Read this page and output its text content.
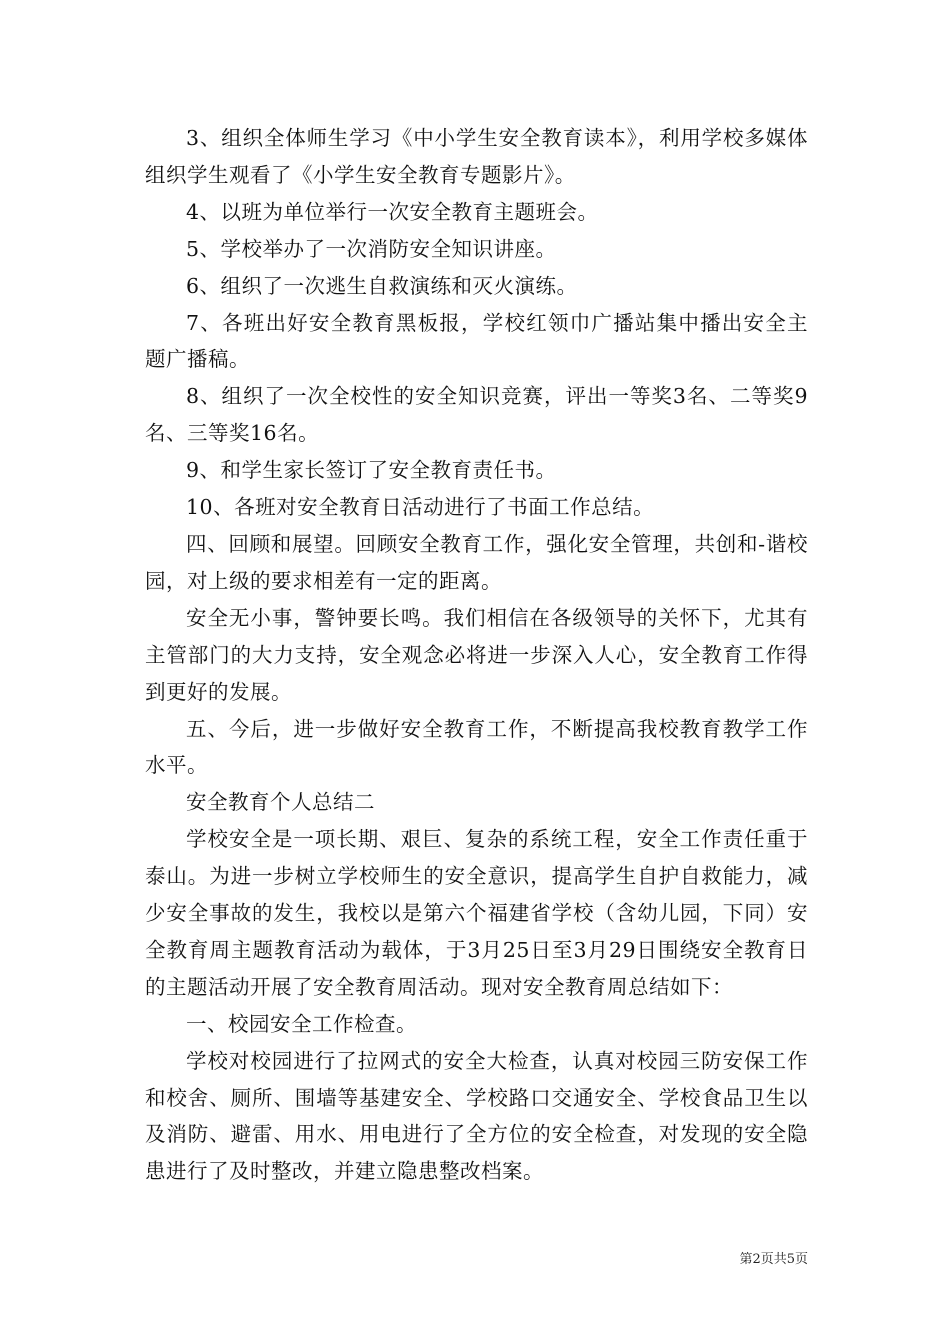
3、组织全体师生学习《中小学生安全教育读本》，利用学校多媒体组织学生观看了《小学生安全教育专题影片》。

4、以班为单位举行一次安全教育主题班会。

5、学校举办了一次消防安全知识讲座。

6、组织了一次逃生自救演练和灭火演练。

7、各班出好安全教育黑板报，学校红领巾广播站集中播出安全主题广播稿。

8、组织了一次全校性的安全知识竞赛，评出一等奖3名、二等奖9名、三等奖16名。

9、和学生家长签订了安全教育责任书。

10、各班对安全教育日活动进行了书面工作总结。

四、回顾和展望。回顾安全教育工作，强化安全管理，共创和-谐校园，对上级的要求相差有一定的距离。

安全无小事，警钟要长鸣。我们相信在各级领导的关怀下，尤其有主管部门的大力支持，安全观念必将进一步深入人心，安全教育工作得到更好的发展。

五、今后，进一步做好安全教育工作，不断提高我校教育教学工作水平。

安全教育个人总结二

学校安全是一项长期、艰巨、复杂的系统工程，安全工作责任重于泰山。为进一步树立学校师生的安全意识，提高学生自护自救能力，减少安全事故的发生，我校以是第六个福建省学校（含幼儿园，下同）安全教育周主题教育活动为载体，于3月25日至3月29日围绕安全教育日的主题活动开展了安全教育周活动。现对安全教育周总结如下：

一、校园安全工作检查。

学校对校园进行了拉网式的安全大检查，认真对校园三防安保工作和校舍、厕所、围墙等基建安全、学校路口交通安全、学校食品卫生以及消防、避雷、用水、用电进行了全方位的安全检查，对发现的安全隐患进行了及时整改，并建立隐患整改档案。

第2页共5页
